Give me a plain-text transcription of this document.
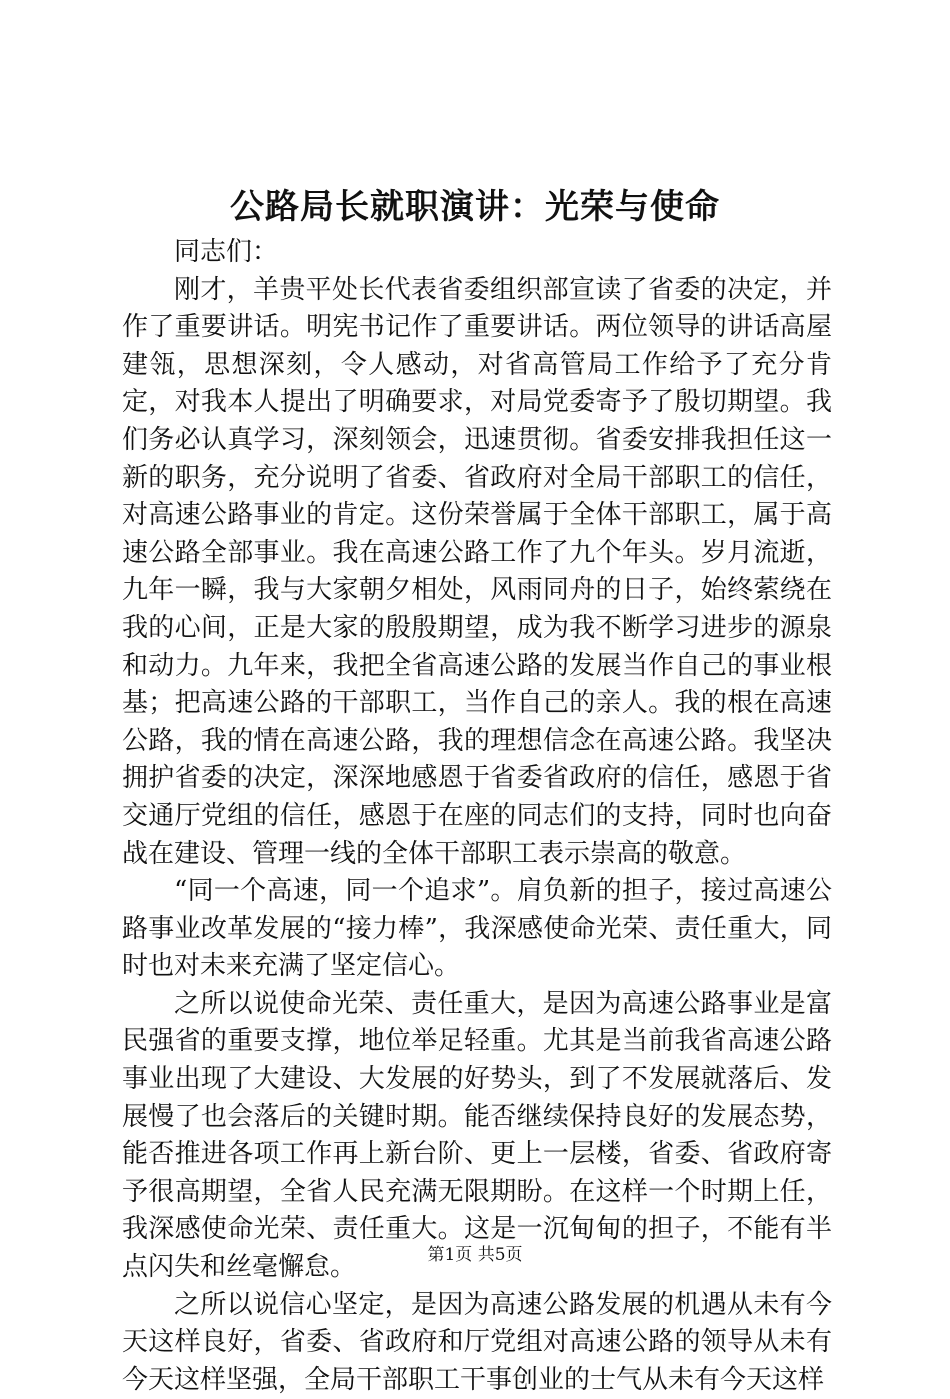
公路局长就职演讲：光荣与使命

同志们：

刚才，羊贵平处长代表省委组织部宣读了省委的决定，并作了重要讲话。明宪书记作了重要讲话。两位领导的讲话高屋建瓴，思想深刻，令人感动，对省高管局工作给予了充分肯定，对我本人提出了明确要求，对局党委寄予了殷切期望。我们务必认真学习，深刻领会，迅速贯彻。省委安排我担任这一新的职务，充分说明了省委、省政府对全局干部职工的信任，对高速公路事业的肯定。这份荣誉属于全体干部职工，属于高速公路全部事业。我在高速公路工作了九个年头。岁月流逝，九年一瞬，我与大家朝夕相处，风雨同舟的日子，始终萦绕在我的心间，正是大家的殷殷期望，成为我不断学习进步的源泉和动力。九年来，我把全省高速公路的发展当作自己的事业根基；把高速公路的干部职工，当作自己的亲人。我的根在高速公路，我的情在高速公路，我的理想信念在高速公路。我坚决拥护省委的决定，深深地感恩于省委省政府的信任，感恩于省交通厅党组的信任，感恩于在座的同志们的支持，同时也向奋战在建设、管理一线的全体干部职工表示崇高的敬意。

“同一个高速，同一个追求”。肩负新的担子，接过高速公路事业改革发展的“接力棒”，我深感使命光荣、责任重大，同时也对未来充满了坚定信心。

之所以说使命光荣、责任重大，是因为高速公路事业是富民强省的重要支撑，地位举足轻重。尤其是当前我省高速公路事业出现了大建设、大发展的好势头，到了不发展就落后、发展慢了也会落后的关键时期。能否继续保持良好的发展态势，能否推进各项工作再上新台阶、更上一层楼，省委、省政府寄予很高期望，全省人民充满无限期盼。在这样一个时期上任，我深感使命光荣、责任重大。这是一沉甸甸的担子，不能有半点闪失和丝毫懈怠。

之所以说信心坚定，是因为高速公路发展的机遇从未有今天这样良好，省委、省政府和厅党组对高速公路的领导从未有今天这样坚强，全局干部职工干事创业的士气从未有今天这样

第1页 共5页
